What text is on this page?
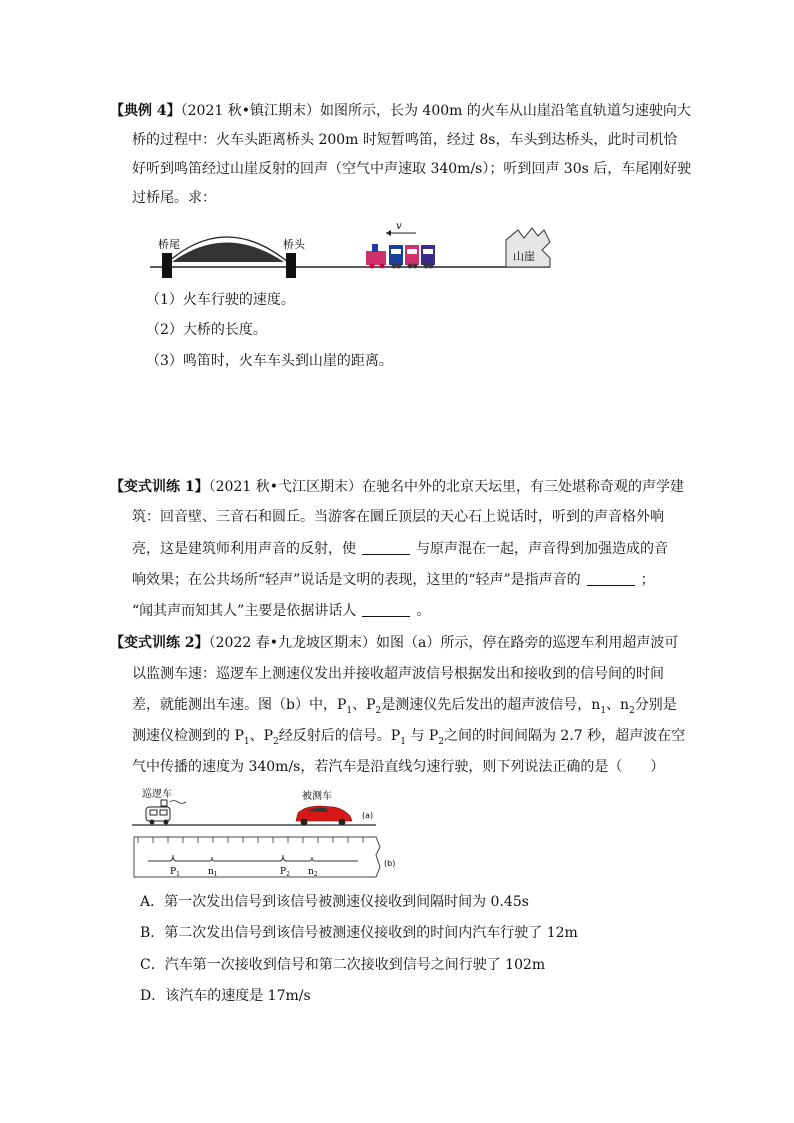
【典例 4】（2021 秋•镇江期末）如图所示，长为 400m 的火车从山崖沿笔直轨道匀速驶向大
桥的过程中：火车头距离桥头 200m 时短暂鸣笛，经过 8s，车头到达桥头，此时司机恰
好听到鸣笛经过山崖反射的回声（空气中声速取 340m/s）；听到回声 30s 后，车尾刚好驶
过桥尾。求：
桥尾	桥头
v
山崖
（1）火车行驶的速度。
（2）大桥的长度。
（3）鸣笛时，火车车头到山崖的距离。
【变式训练 1】（2021 秋•弋江区期末）在驰名中外的北京天坛里，有三处堪称奇观的声学建
筑：回音壁、三音石和圆丘。当游客在圜丘顶层的天心石上说话时，听到的声音格外响
亮，这是建筑师利用声音的反射，使	与原声混在一起，声音得到加强造成的音
响效果；在公共场所“轻声”说话是文明的表现，这里的“轻声”是指声音的	；
“闻其声而知其人”主要是依据讲话人	。
【变式训练 2】（2022 春•九龙坡区期末）如图（a）所示，停在路旁的巡逻车利用超声波可
以监测车速：巡逻车上测速仪发出并接收超声波信号根据发出和接收到的信号间的时间
差，就能测出车速。图（b）中，$P_1$、$P_2$是测速仪先后发出的超声波信号，$n_1$、$n_2$分别是
测速仪检测到的 $P_1$、$P_2$经反射后的信号。$P_1$ 与 $P_2$之间的时间间隔为 2.7 秒，超声波在空
气中传播的速度为 340m/s，若汽车是沿直线匀速行驶，则下列说法正确的是（　　）
巡逻车	被测车
(a)
$P_1$	$n_1$	$P_2$ $n_2$
(b)
A．第一次发出信号到该信号被测速仪接收到间隔时间为 0.45s
B．第二次发出信号到该信号被测速仪接收到的时间内汽车行驶了 12m
C．汽车第一次接收到信号和第二次接收到信号之间行驶了 102m
D．该汽车的速度是 17m/s
